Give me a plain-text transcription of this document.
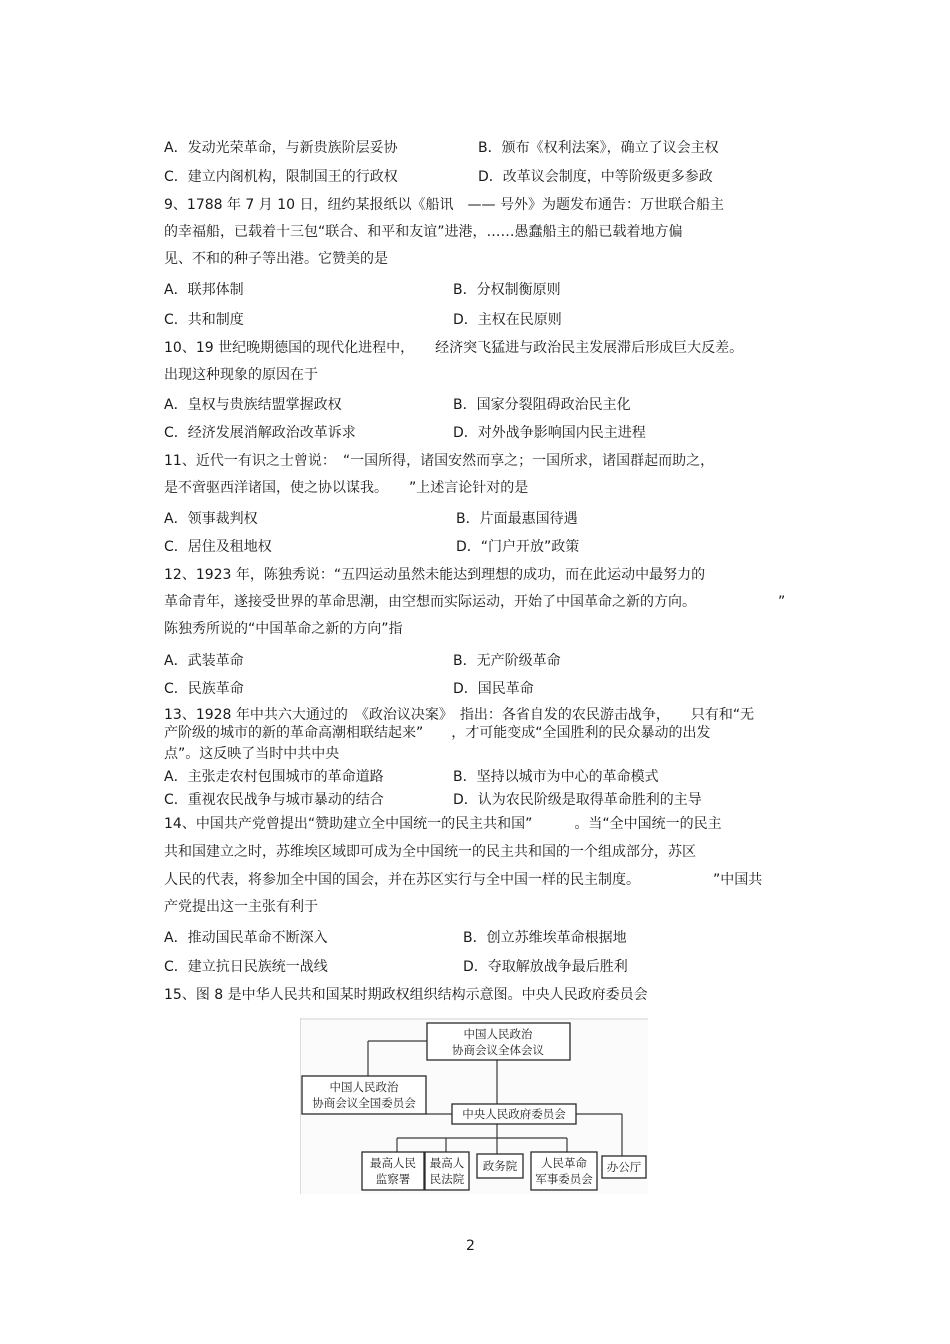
A．发动光荣革命，与新贵族阶层妥协	B．颁布《权利法案》，确立了议会主权
C．建立内阁机构，限制国王的行政权	D．改革议会制度，中等阶级更多参政
9、1788 年 7 月 10 日，纽约某报纸以《船讯　—— 号外》为题发布通告：万世联合船主
的幸福船，已载着十三包“联合、和平和友谊”进港，……愚蠢船主的船已载着地方偏
见、不和的种子等出港。它赞美的是
A．联邦体制	B．分权制衡原则
C．共和制度	D．主权在民原则
10、19 世纪晚期德国的现代化进程中，　　经济突飞猛进与政治民主发展滞后形成巨大反差。
出现这种现象的原因在于
A．皇权与贵族结盟掌握政权	B．国家分裂阻碍政治民主化
C．经济发展消解政治改革诉求	D．对外战争影响国内民主进程
11、近代一有识之士曾说：　“一国所得，诸国安然而享之；一国所求，诸国群起而助之，
是不啻驱西洋诸国，使之协以谋我。　　”上述言论针对的是
A．领事裁判权	B．片面最惠国待遇
C．居住及租地权	D．“门户开放”政策
12、1923 年，陈独秀说：“五四运动虽然未能达到理想的成功，而在此运动中最努力的
革命青年，遂接受世界的革命思潮，由空想而实际运动，开始了中国革命之新的方向。	”
陈独秀所说的“中国革命之新的方向”指
A．武装革命	B．无产阶级革命
C．民族革命	D．国民革命
13、1928 年中共六大通过的　《政治议决案》　指出：各省自发的农民游击战争，　　只有和“无
产阶级的城市的新的革命高潮相联结起来”　　，才可能变成“全国胜利的民众暴动的出发
点”。这反映了当时中共中央
A．主张走农村包围城市的革命道路	B．坚持以城市为中心的革命模式
C．重视农民战争与城市暴动的结合	D．认为农民阶级是取得革命胜利的主导
14、中国共产党曾提出“赞助建立全中国统一的民主共和国”　　　。当“全中国统一的民主
共和国建立之时，苏维埃区域即可成为全中国统一的民主共和国的一个组成部分，苏区
人民的代表，将参加全中国的国会，并在苏区实行与全中国一样的民主制度。	”中国共
产党提出这一主张有利于
A．推动国民革命不断深入	B．创立苏维埃革命根据地
C．建立抗日民族统一战线	D．夺取解放战争最后胜利
15、图 8 是中华人民共和国某时期政权组织结构示意图。中央人民政府委员会
中国人民政治
协商会议全体会议
中国人民政治
协商会议全国委员会
中央人民政府委员会
最高人民
监察署
最高人
民法院
政务院 人民革命
军事委员会
办公厅
2
